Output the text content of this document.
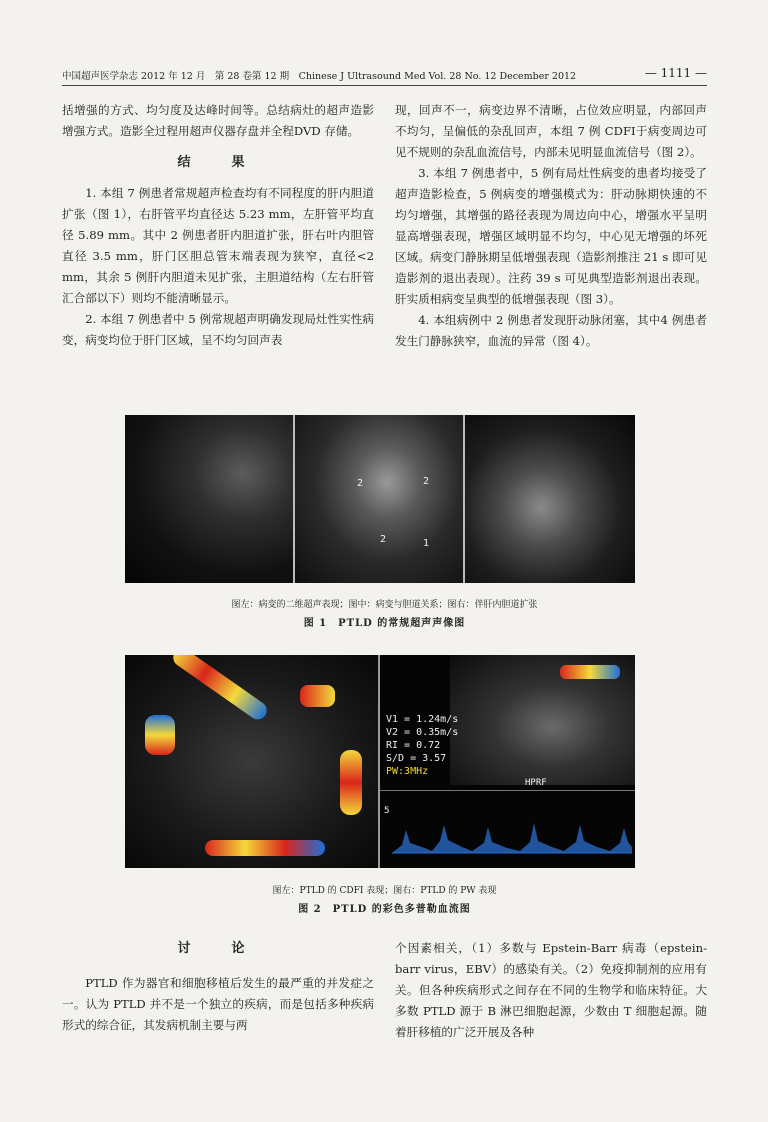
中国超声医学杂志 2012 年 12 月　第 28 卷第 12 期　Chinese J Ultrasound Med Vol. 28 No. 12 December 2012	— 1111 —

括增强的方式、均匀度及达峰时间等。总结病灶的超声造影增强方式。造影全过程用超声仪器存盘并全程DVD 存储。

结　果

1. 本组 7 例患者常规超声检查均有不同程度的肝内胆道扩张（图 1），右肝管平均直径达 5.23 mm，左肝管平均直径 5.89 mm。其中 2 例患者肝内胆道扩张，肝右叶内胆管直径 3.5 mm，肝门区胆总管末端表现为狭窄，直径<2 mm，其余 5 例肝内胆道未见扩张，主胆道结构（左右肝管汇合部以下）则均不能清晰显示。

2. 本组 7 例患者中 5 例常规超声明确发现局灶性实性病变，病变均位于肝门区域，呈不均匀回声表

现，回声不一，病变边界不清晰，占位效应明显，内部回声不均匀，呈偏低的杂乱回声，本组 7 例 CDFI于病变周边可见不规则的杂乱血流信号，内部未见明显血流信号（图 2）。

3. 本组 7 例患者中，5 例有局灶性病变的患者均接受了超声造影检查，5 例病变的增强模式为：肝动脉期快速的不均匀增强，其增强的路径表现为周边向中心，增强水平呈明显高增强表现，增强区域明显不均匀，中心见无增强的坏死区域。病变门静脉期呈低增强表现（造影剂推注 21 s 即可见造影剂的退出表现）。注药 39 s 可见典型造影剂退出表现。肝实质相病变呈典型的低增强表现（图 3）。

4. 本组病例中 2 例患者发现肝动脉闭塞，其中4 例患者发生门静脉狭窄，血流的异常（图 4）。

2
2
2	1
图左：病变的二维超声表现；图中：病变与胆道关系；图右：伴肝内胆道扩张
图 1　PTLD 的常规超声声像图
V1 = 1.24m/s
V2 = 0.35m/s
RI = 0.72
S/D = 3.57
PW:3MHz
HPRF
5
图左：PTLD 的 CDFI 表现；图右：PTLD 的 PW 表现
图 2　PTLD 的彩色多普勒血流图
讨　论

PTLD 作为器官和细胞移植后发生的最严重的并发症之一。认为 PTLD 并不是一个独立的疾病，而是包括多种疾病形式的综合征，其发病机制主要与两

个因素相关，（1）多数与 Epstein-Barr 病毒（epstein-barr virus，EBV）的感染有关。（2）免疫抑制剂的应用有关。但各种疾病形式之间存在不同的生物学和临床特征。大多数 PTLD 源于 B 淋巴细胞起源，少数由 T 细胞起源。随着肝移植的广泛开展及各种
